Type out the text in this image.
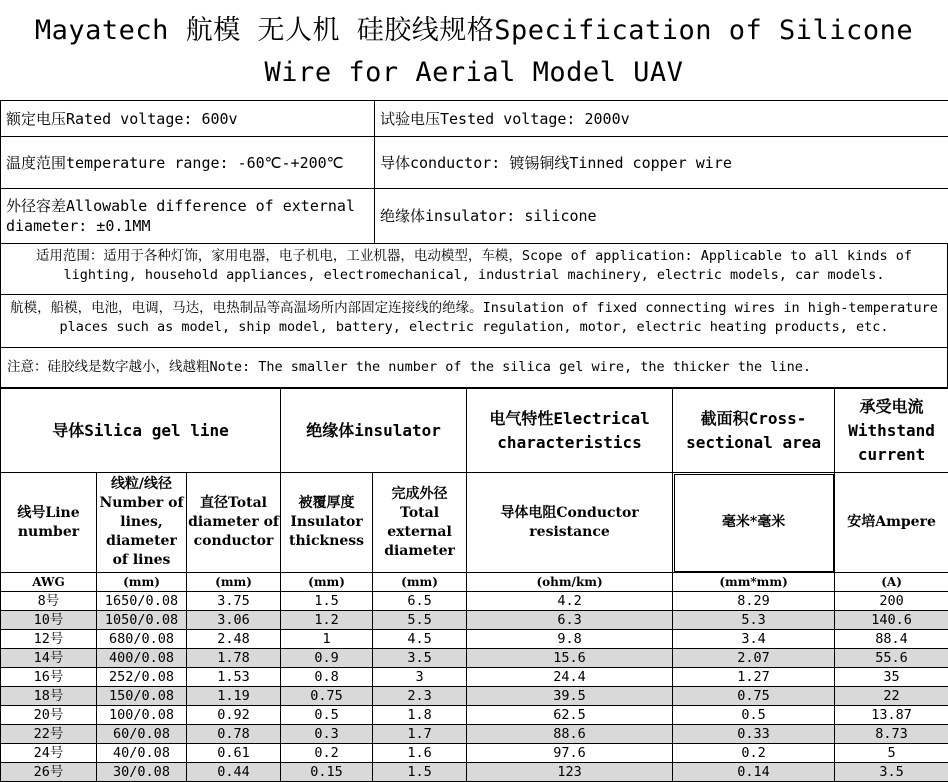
Mayatech 航模 无人机 硅胶线规格Specification of Silicone
Wire for Aerial Model UAV
额定电压Rated voltage: 600v	试验电压Tested voltage: 2000v
温度范围temperature range: -60℃-+200℃	导体conductor: 镀锡铜线Tinned copper wire
外径容差Allowable difference of external diameter: ±0.1MM	绝缘体insulator: silicone
适用范围：适用于各种灯饰，家用电器，电子机电，工业机器，电动模型，车模，Scope of application: Applicable to all kinds of lighting, household appliances, electromechanical, industrial machinery, electric models, car models.
航模，船模，电池，电调，马达，电热制品等高温场所内部固定连接线的绝缘。Insulation of fixed connecting wires in high-temperature places such as model, ship model, battery, electric regulation, motor, electric heating products, etc.
注意：硅胶线是数字越小，线越粗Note: The smaller the number of the silica gel wire, the thicker the line.
导体Silica gel line			绝缘体insulator		电气特性Electrical characteristics	截面积Cross-sectional area	承受电流Withstand current
线号Line number	线粒/线径Number of lines, diameter of lines	直径Total diameter of conductor	被覆厚度Insulator thickness	完成外径Total external diameter	导体电阻Conductor resistance	毫米*毫米	安培Ampere
AWG	(mm)	(mm)	(mm)	(mm)	(ohm/km)	(mm*mm)	(A)
8号	1650/0.08	3.75	1.5	6.5	4.2	8.29	200
10号	1050/0.08	3.06	1.2	5.5	6.3	5.3	140.6
12号	680/0.08	2.48	1	4.5	9.8	3.4	88.4
14号	400/0.08	1.78	0.9	3.5	15.6	2.07	55.6
16号	252/0.08	1.53	0.8	3	24.4	1.27	35
18号	150/0.08	1.19	0.75	2.3	39.5	0.75	22
20号	100/0.08	0.92	0.5	1.8	62.5	0.5	13.87
22号	60/0.08	0.78	0.3	1.7	88.6	0.33	8.73
24号	40/0.08	0.61	0.2	1.6	97.6	0.2	5
26号	30/0.08	0.44	0.15	1.5	123	0.14	3.5
